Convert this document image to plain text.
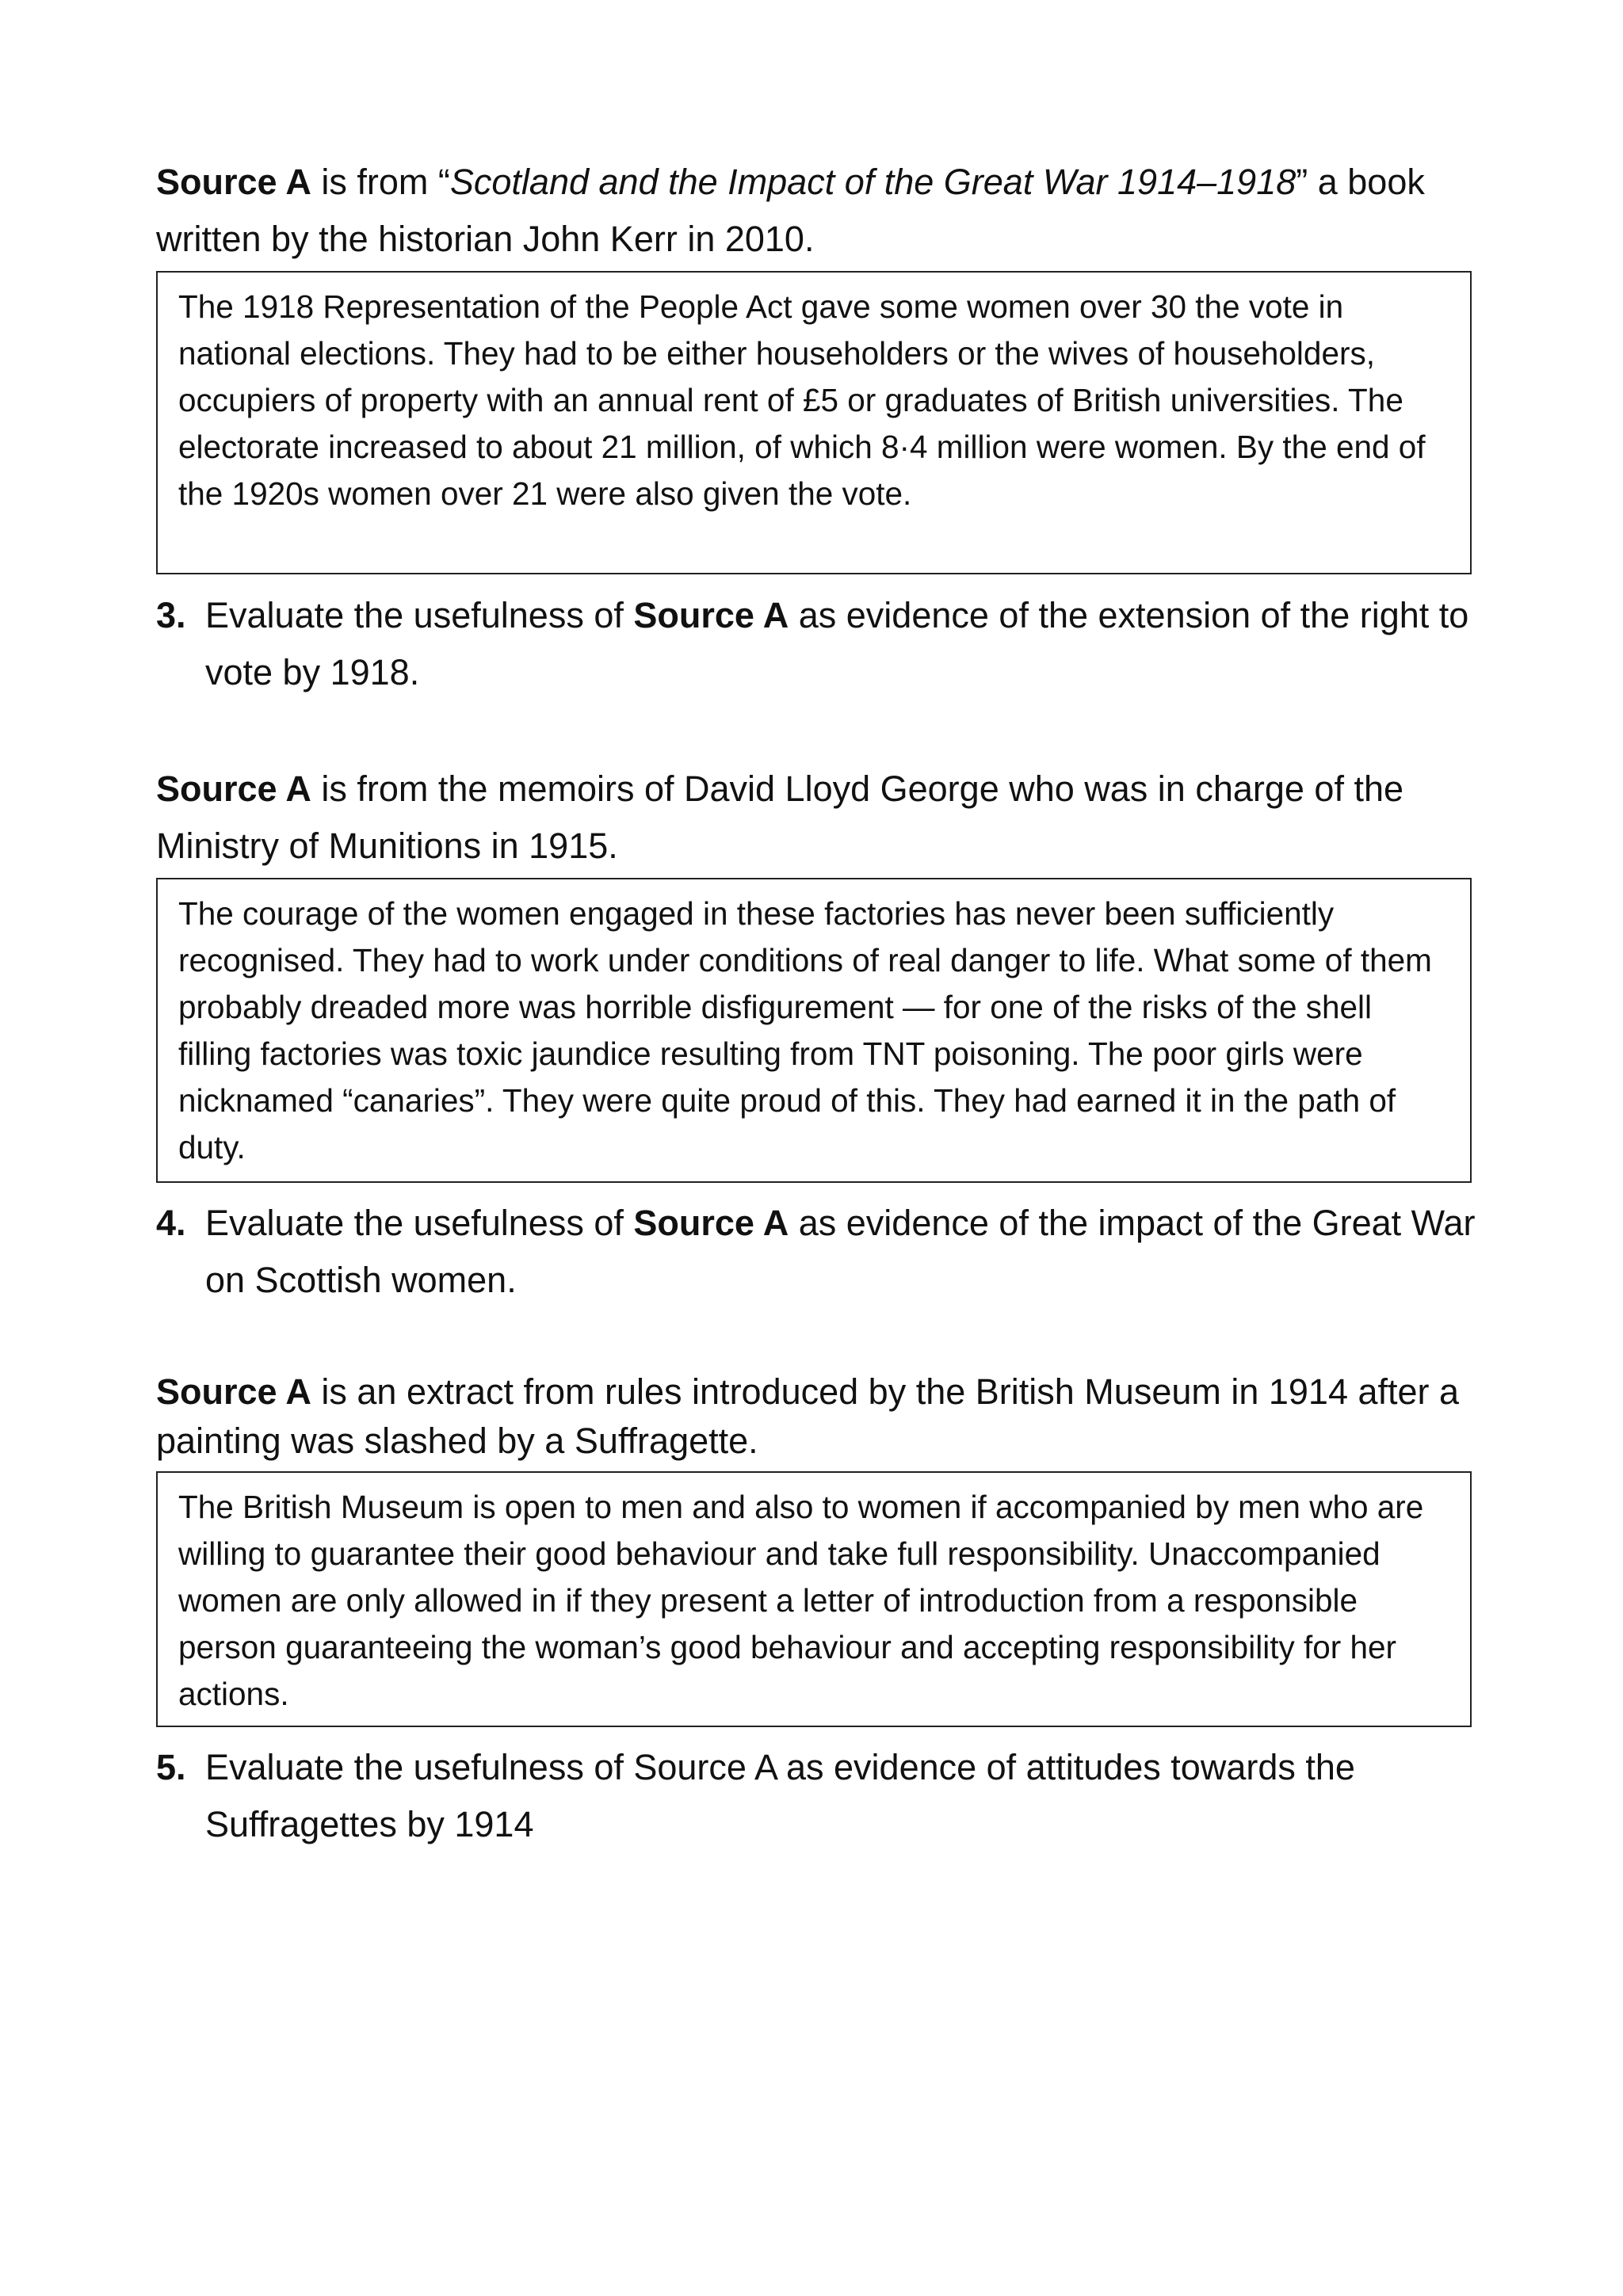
Source A is from “Scotland and the Impact of the Great War 1914–1918” a book written by the historian John Kerr in 2010.

The 1918 Representation of the People Act gave some women over 30 the vote in national elections. They had to be either householders or the wives of householders, occupiers of property with an annual rent of £5 or graduates of British universities. The electorate increased to about 21 million, of which 8·4 million were women. By the end of the 1920s women over 21 were also given the vote.
3. Evaluate the usefulness of Source A as evidence of the extension of the right to vote by 1918.

Source A is from the memoirs of David Lloyd George who was in charge of the Ministry of Munitions in 1915.

The courage of the women engaged in these factories has never been sufficiently recognised. They had to work under conditions of real danger to life. What some of them probably dreaded more was horrible disfigurement — for one of the risks of the shell filling factories was toxic jaundice resulting from TNT poisoning. The poor girls were nicknamed “canaries”. They were quite proud of this. They had earned it in the path of duty.
4. Evaluate the usefulness of Source A as evidence of the impact of the Great War on Scottish women.

Source A is an extract from rules introduced by the British Museum in 1914 after a painting was slashed by a Suffragette.

The British Museum is open to men and also to women if accompanied by men who are willing to guarantee their good behaviour and take full responsibility. Unaccompanied women are only allowed in if they present a letter of introduction from a responsible person guaranteeing the woman’s good behaviour and accepting responsibility for her actions.
5. Evaluate the usefulness of Source A as evidence of attitudes towards the Suffragettes by 1914
